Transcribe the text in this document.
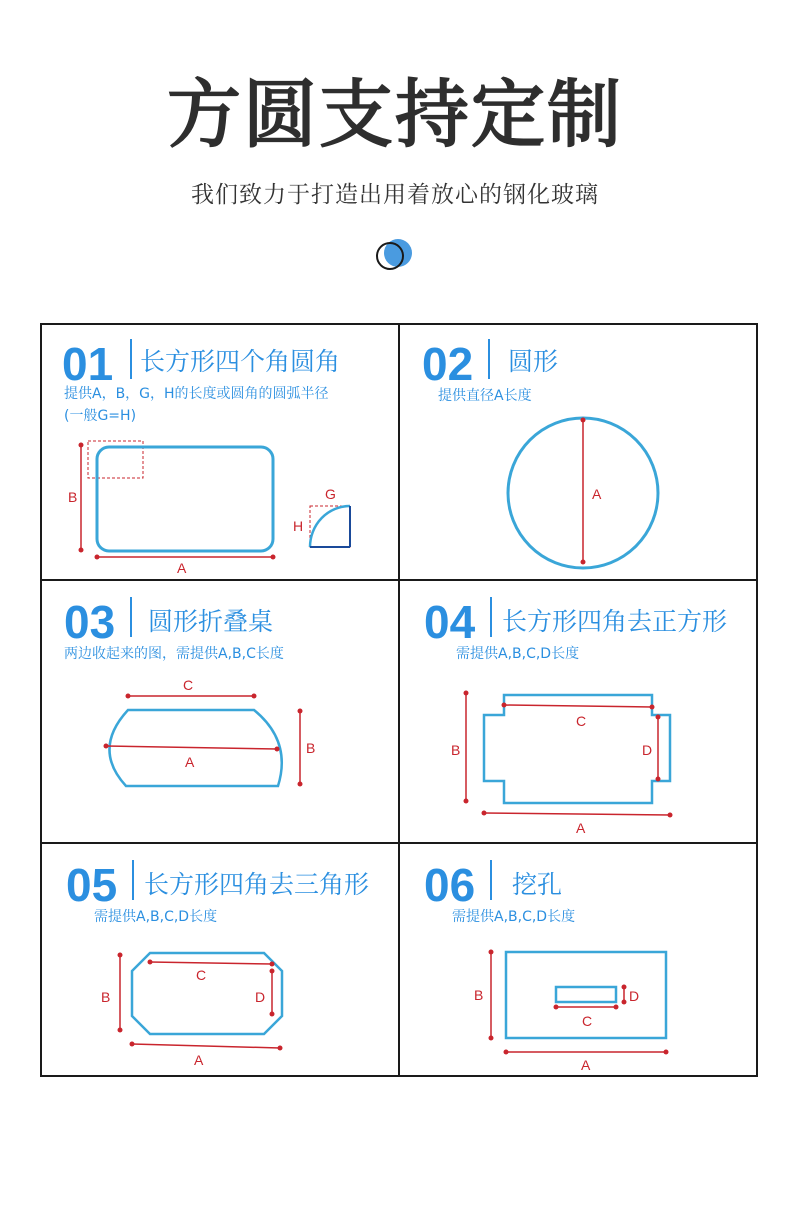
方圆支持定制
我们致力于打造出用着放心的钢化玻璃
01 长方形四个角圆角
提供A，B，G，H的长度或圆角的圆弧半径
(一般G=H)
B
A
G
H
02 圆形
提供直径A长度
A
03 圆形折叠桌
两边收起来的图，需提供A,B,C长度
C
A
B
04 长方形四角去正方形
需提供A,B,C,D长度
C
D
B
A
05 长方形四角去三角形
需提供A,B,C,D长度
C
D
B
A
06 挖孔
需提供A,B,C,D长度
C
D
B
A
